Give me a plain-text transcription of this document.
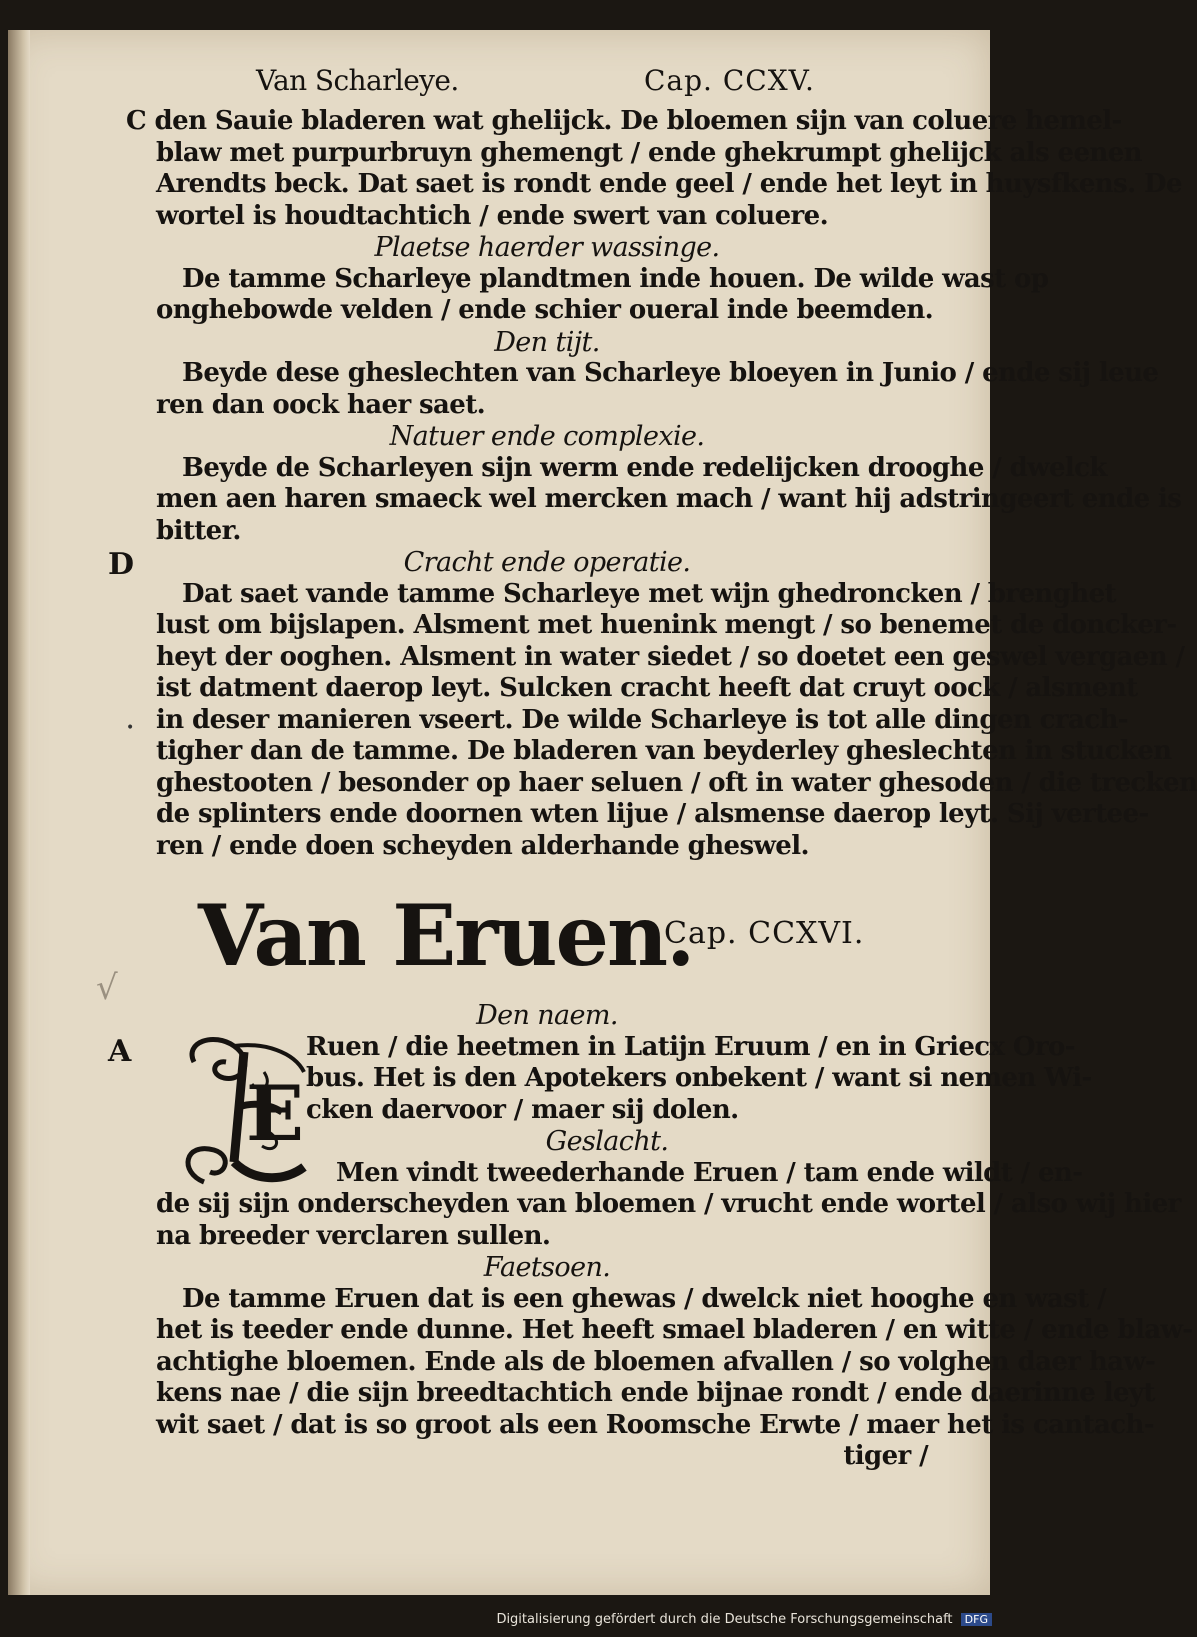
√
•
Van Scharleye.	Cap. CCXV.
C den Sauie bladeren wat ghelijck. De bloemen sijn van coluere hemel-
blaw met purpurbruyn ghemengt / ende ghekrumpt ghelijck als eenen
Arendts beck. Dat saet is rondt ende geel / ende het leyt in huysfkens. De
wortel is houdtachtich / ende swert van coluere.
Plaetse haerder wassinge.
De tamme Scharleye plandtmen inde houen. De wilde wast op
onghebowde velden / ende schier oueral inde beemden.
Den tijt.
Beyde dese gheslechten van Scharleye bloeyen in Junio / ende sij leue
ren dan oock haer saet.
Natuer ende complexie.
Beyde de Scharleyen sijn werm ende redelijcken drooghe / dwelck
men aen haren smaeck wel mercken mach / want hij adstringeert ende is
bitter.
D	Cracht ende operatie.
Dat saet vande tamme Scharleye met wijn ghedroncken / brenghet
lust om bijslapen. Alsment met huenink mengt / so benemet de doncker-
heyt der ooghen. Alsment in water siedet / so doetet een geswel vergaen /
ist datment daerop leyt. Sulcken cracht heeft dat cruyt oock / alsment
in deser manieren vseert. De wilde Scharleye is tot alle dingen crach-
tigher dan de tamme. De bladeren van beyderley gheslechten in stucken
ghestooten / besonder op haer seluen / oft in water ghesoden / die trecken
de splinters ende doornen wten lijue / alsmense daerop leyt. Sij vertee-
ren / ende doen scheyden alderhande gheswel.
Van Eruen.
Cap. CCXVI.
Den naem.
A
E
Ruen / die heetmen in Latijn Eruum / en in Griecx Oro-
bus. Het is den Apotekers onbekent / want si nemen Wi-
cken daervoor / maer sij dolen.
Geslacht.
Men vindt tweederhande Eruen / tam ende wildt / en-
de sij sijn onderscheyden van bloemen / vrucht ende wortel / also wij hier
na breeder verclaren sullen.
Faetsoen.
De tamme Eruen dat is een ghewas / dwelck niet hooghe en wast /
het is teeder ende dunne. Het heeft smael bladeren / en witte / ende blaw-
achtighe bloemen. Ende als de bloemen afvallen / so volghen daer haw-
kens nae / die sijn breedtachtich ende bijnae rondt / ende daerinne leyt
wit saet / dat is so groot als een Roomsche Erwte / maer het is cantach-
tiger /
Digitalisierung gefördert durch die Deutsche Forschungsgemeinschaft DFG
